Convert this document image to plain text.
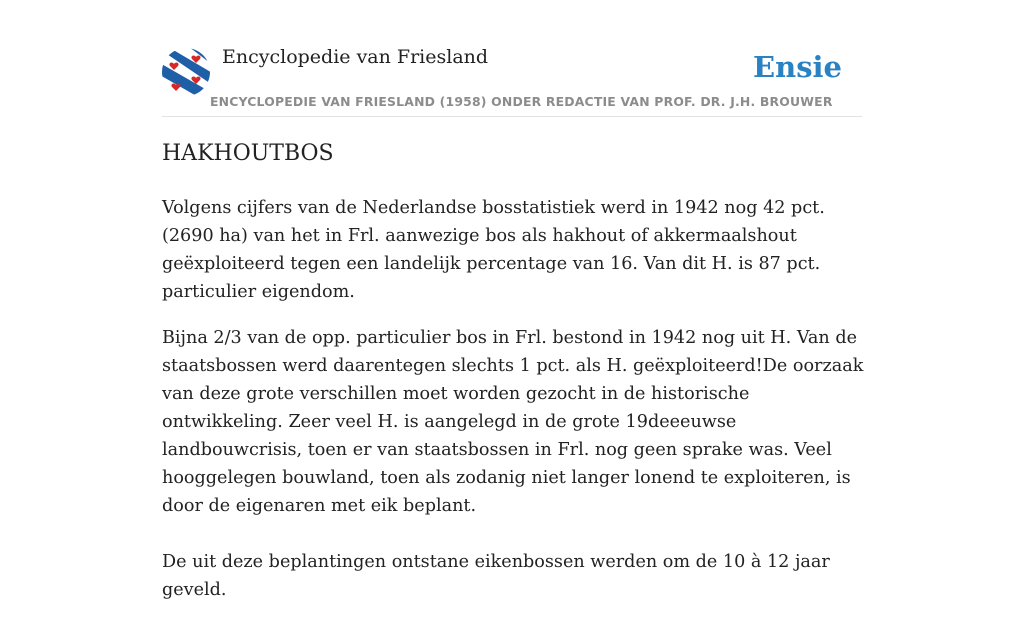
Encyclopedie van Friesland	Ensie
ENCYCLOPEDIE VAN FRIESLAND (1958) ONDER REDACTIE VAN PROF. DR. J.H. BROUWER
HAKHOUTBOS

Volgens cijfers van de Nederlandse bosstatistiek werd in 1942 nog 42 pct. (2690 ha) van het in Frl. aanwezige bos als hakhout of akkermaalshout geëxploiteerd tegen een landelijk percentage van 16. Van dit H. is 87 pct. particulier eigendom.

Bijna 2/3 van de opp. particulier bos in Frl. bestond in 1942 nog uit H. Van de staatsbossen werd daarentegen slechts 1 pct. als H. geëxploiteerd!De oorzaak van deze grote verschillen moet worden gezocht in de historische ontwikkeling. Zeer veel H. is aangelegd in de grote 19deeeuwse landbouwcrisis, toen er van staatsbossen in Frl. nog geen sprake was. Veel hooggelegen bouwland, toen als zodanig niet langer lonend te exploiteren, is door de eigenaren met eik beplant.

De uit deze beplantingen ontstane eikenbossen werden om de 10 à 12 jaar geveld.
